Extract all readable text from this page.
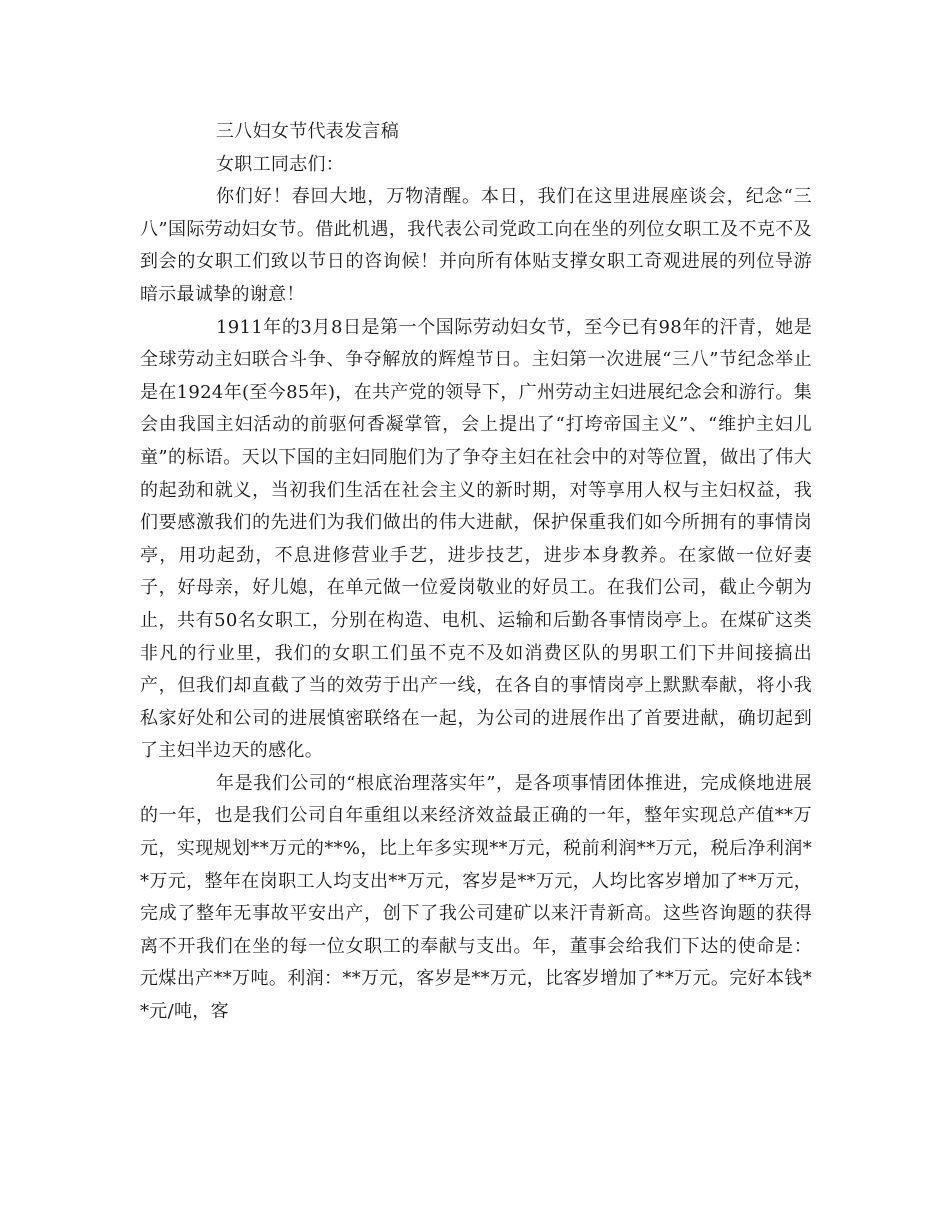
三八妇女节代表发言稿

女职工同志们：

你们好！春回大地，万物清醒。本日，我们在这里进展座谈会，纪念“三八”国际劳动妇女节。借此机遇，我代表公司党政工向在坐的列位女职工及不克不及到会的女职工们致以节日的咨询候！并向所有体贴支撑女职工奇观进展的列位导游暗示最诚挚的谢意！

1911年的3月8日是第一个国际劳动妇女节，至今已有98年的汗青，她是全球劳动主妇联合斗争、争夺解放的辉煌节日。主妇第一次进展“三八”节纪念举止是在1924年(至今85年)，在共产党的领导下，广州劳动主妇进展纪念会和游行。集会由我国主妇活动的前驱何香凝掌管，会上提出了“打垮帝国主义”、“维护主妇儿童”的标语。天以下国的主妇同胞们为了争夺主妇在社会中的对等位置，做出了伟大的起劲和就义，当初我们生活在社会主义的新时期，对等享用人权与主妇权益，我们要感激我们的先进们为我们做出的伟大进献，保护保重我们如今所拥有的事情岗亭，用功起劲，不息进修营业手艺，进步技艺，进步本身教养。在家做一位好妻子，好母亲，好儿媳，在单元做一位爱岗敬业的好员工。在我们公司，截止今朝为止，共有50名女职工，分别在构造、电机、运输和后勤各事情岗亭上。在煤矿这类非凡的行业里，我们的女职工们虽不克不及如消费区队的男职工们下井间接搞出产，但我们却直截了当的效劳于出产一线，在各自的事情岗亭上默默奉献，将小我私家好处和公司的进展慎密联络在一起，为公司的进展作出了首要进献，确切起到了主妇半边天的感化。

年是我们公司的“根底治理落实年”，是各项事情团体推进，完成倏地进展的一年，也是我们公司自年重组以来经济效益最正确的一年，整年实现总产值**万元，实现规划**万元的**%，比上年多实现**万元，税前利润**万元，税后净利润**万元，整年在岗职工人均支出**万元，客岁是**万元，人均比客岁增加了**万元，完成了整年无事故平安出产，创下了我公司建矿以来汗青新高。这些咨询题的获得离不开我们在坐的每一位女职工的奉献与支出。年，董事会给我们下达的使命是：元煤出产**万吨。利润：**万元，客岁是**万元，比客岁增加了**万元。完好本钱**元/吨，客
